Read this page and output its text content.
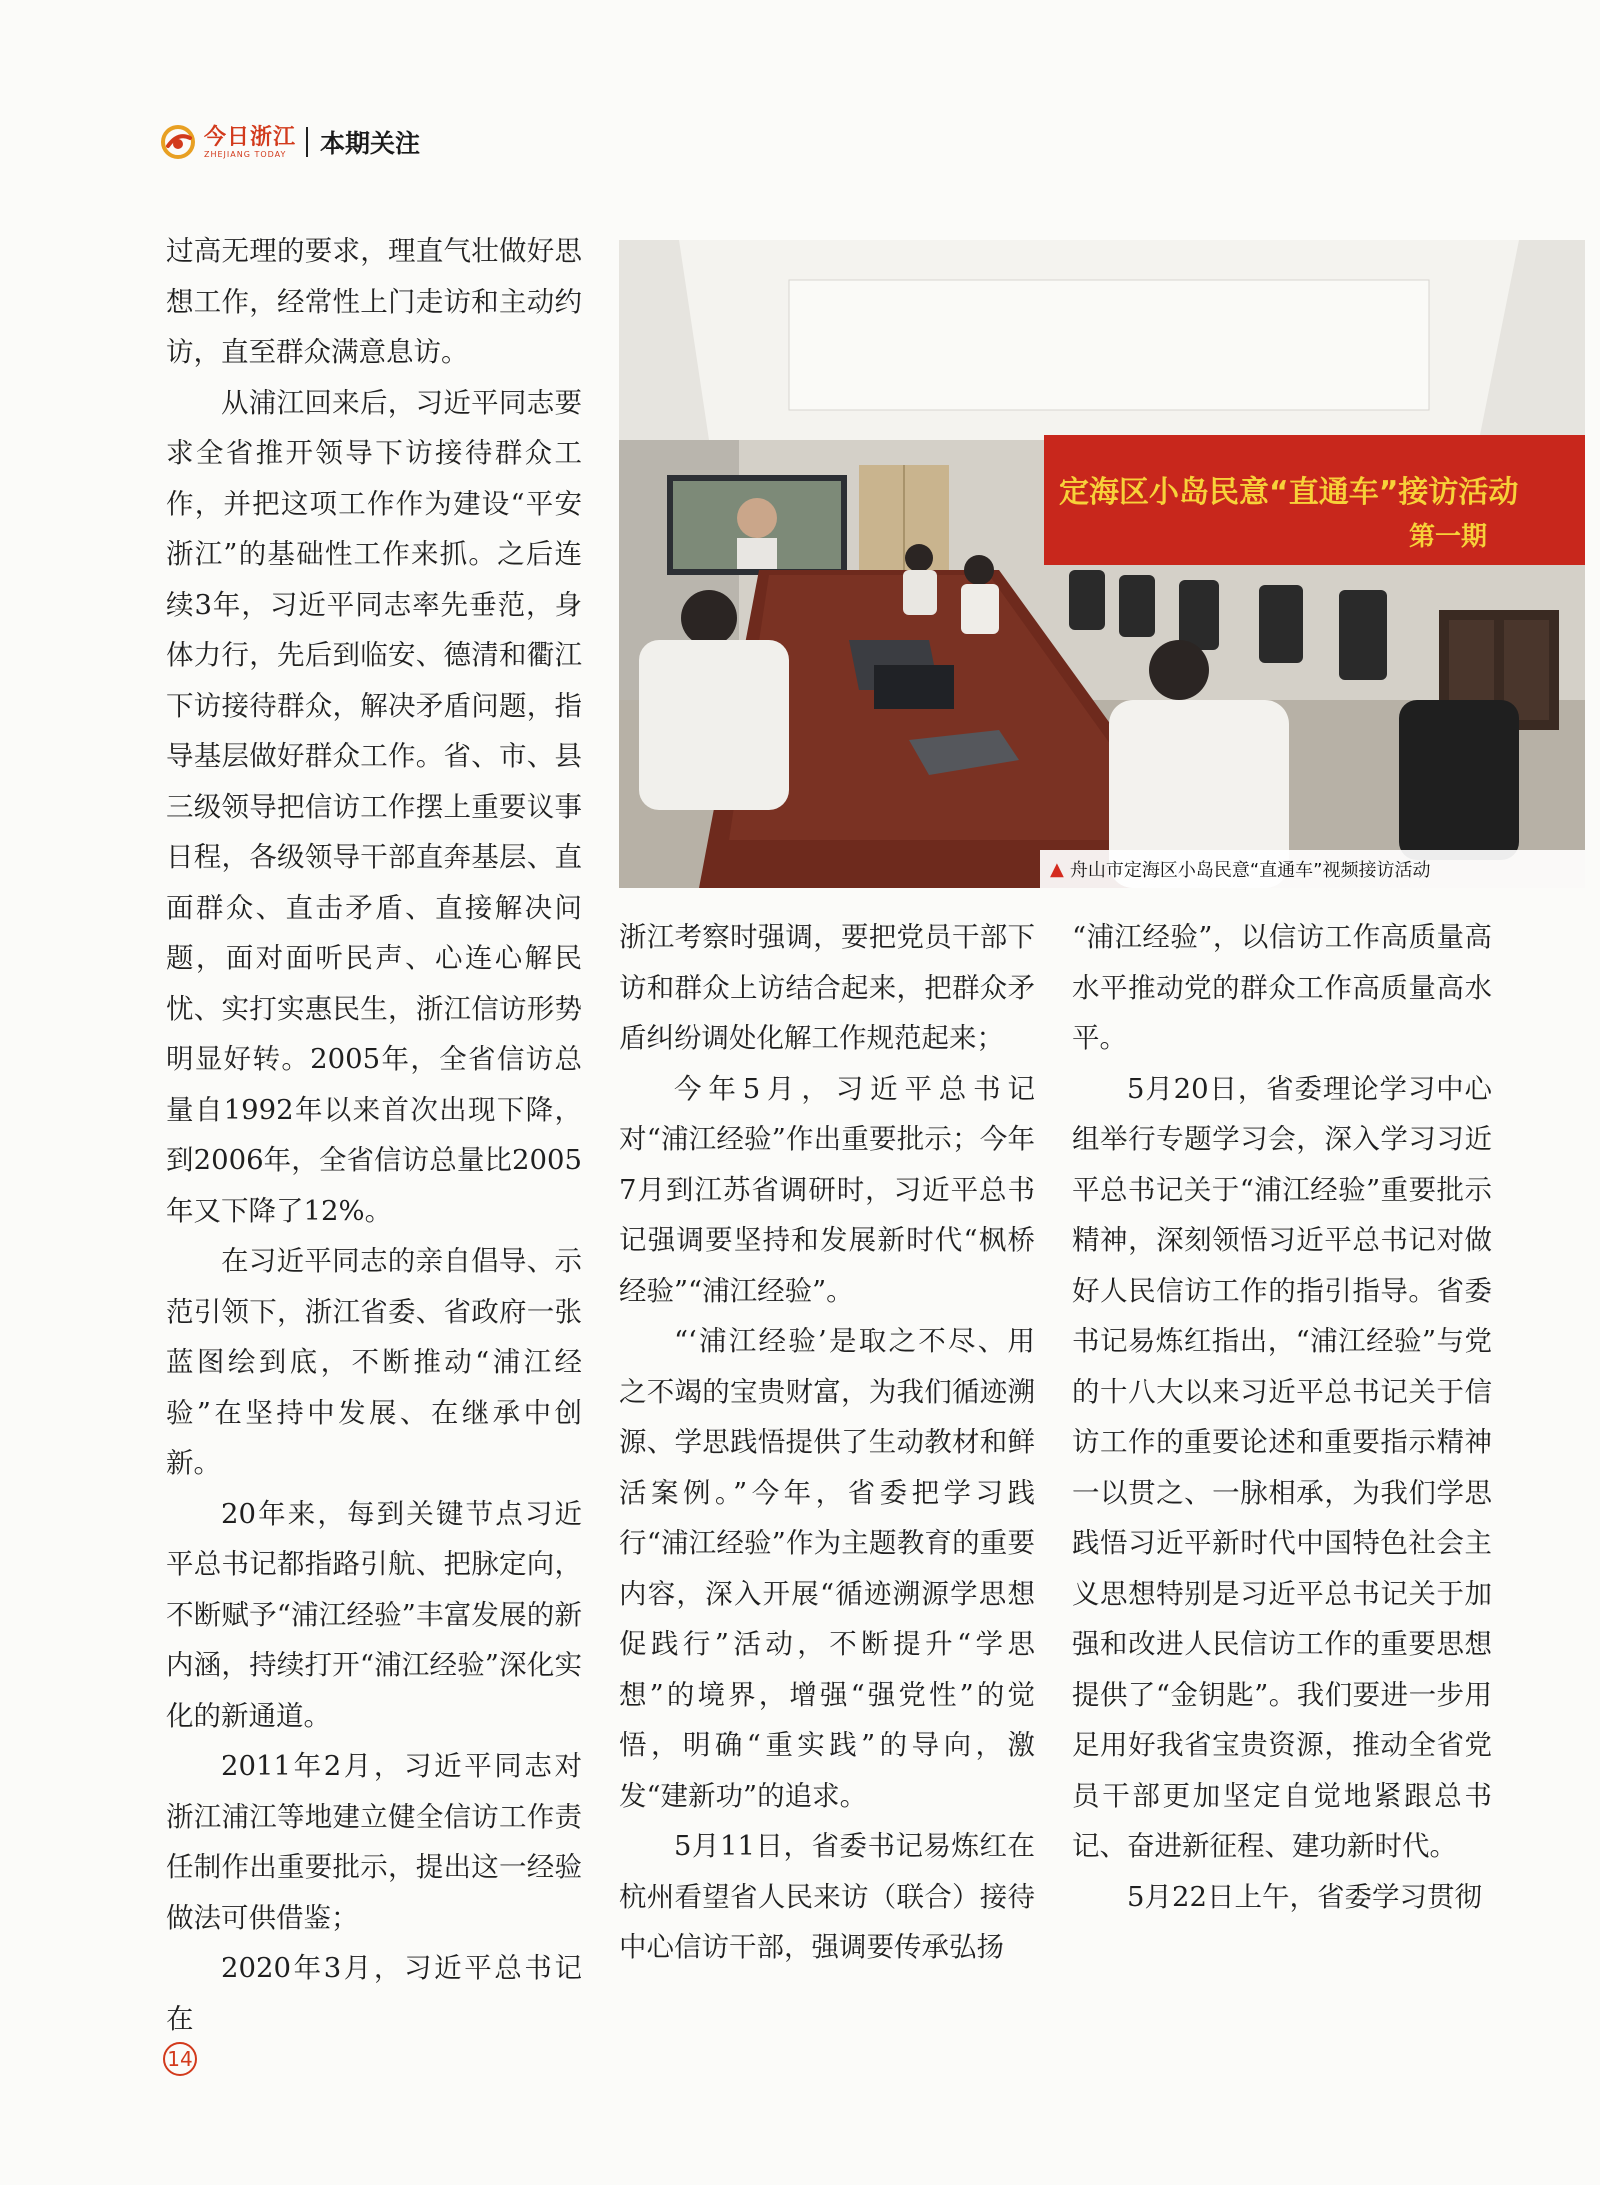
今日浙江
ZHEJIANG TODAY	本期关注

过高无理的要求，理直气壮做好思想工作，经常性上门走访和主动约访，直至群众满意息访。

从浦江回来后，习近平同志要求全省推开领导下访接待群众工作，并把这项工作作为建设“平安浙江”的基础性工作来抓。之后连续3年，习近平同志率先垂范，身体力行，先后到临安、德清和衢江下访接待群众，解决矛盾问题，指导基层做好群众工作。省、市、县三级领导把信访工作摆上重要议事日程，各级领导干部直奔基层、直面群众、直击矛盾、直接解决问题，面对面听民声、心连心解民忧、实打实惠民生，浙江信访形势明显好转。2005年，全省信访总量自1992年以来首次出现下降，到2006年，全省信访总量比2005年又下降了12%。

在习近平同志的亲自倡导、示范引领下，浙江省委、省政府一张蓝图绘到底，不断推动“浦江经验”在坚持中发展、在继承中创新。

20年来，每到关键节点习近平总书记都指路引航、把脉定向，不断赋予“浦江经验”丰富发展的新内涵，持续打开“浦江经验”深化实化的新通道。

2011年2月，习近平同志对浙江浦江等地建立健全信访工作责任制作出重要批示，提出这一经验做法可供借鉴；

2020年3月，习近平总书记在

定海区小岛民意“直通车”接访活动
第一期
▲ 舟山市定海区小岛民意“直通车”视频接访活动

浙江考察时强调，要把党员干部下访和群众上访结合起来，把群众矛盾纠纷调处化解工作规范起来；

今年5月，习近平总书记对“浦江经验”作出重要批示；今年7月到江苏省调研时，习近平总书记强调要坚持和发展新时代“枫桥经验”“浦江经验”。

“‘浦江经验’是取之不尽、用之不竭的宝贵财富，为我们循迹溯源、学思践悟提供了生动教材和鲜活案例。”今年，省委把学习践行“浦江经验”作为主题教育的重要内容，深入开展“循迹溯源学思想促践行”活动，不断提升“学思想”的境界，增强“强党性”的觉悟，明确“重实践”的导向，激发“建新功”的追求。

5月11日，省委书记易炼红在杭州看望省人民来访（联合）接待中心信访干部，强调要传承弘扬

“浦江经验”，以信访工作高质量高水平推动党的群众工作高质量高水平。

5月20日，省委理论学习中心组举行专题学习会，深入学习习近平总书记关于“浦江经验”重要批示精神，深刻领悟习近平总书记对做好人民信访工作的指引指导。省委书记易炼红指出，“浦江经验”与党的十八大以来习近平总书记关于信访工作的重要论述和重要指示精神一以贯之、一脉相承，为我们学思践悟习近平新时代中国特色社会主义思想特别是习近平总书记关于加强和改进人民信访工作的重要思想提供了“金钥匙”。我们要进一步用足用好我省宝贵资源，推动全省党员干部更加坚定自觉地紧跟总书记、奋进新征程、建功新时代。

5月22日上午，省委学习贯彻

14
